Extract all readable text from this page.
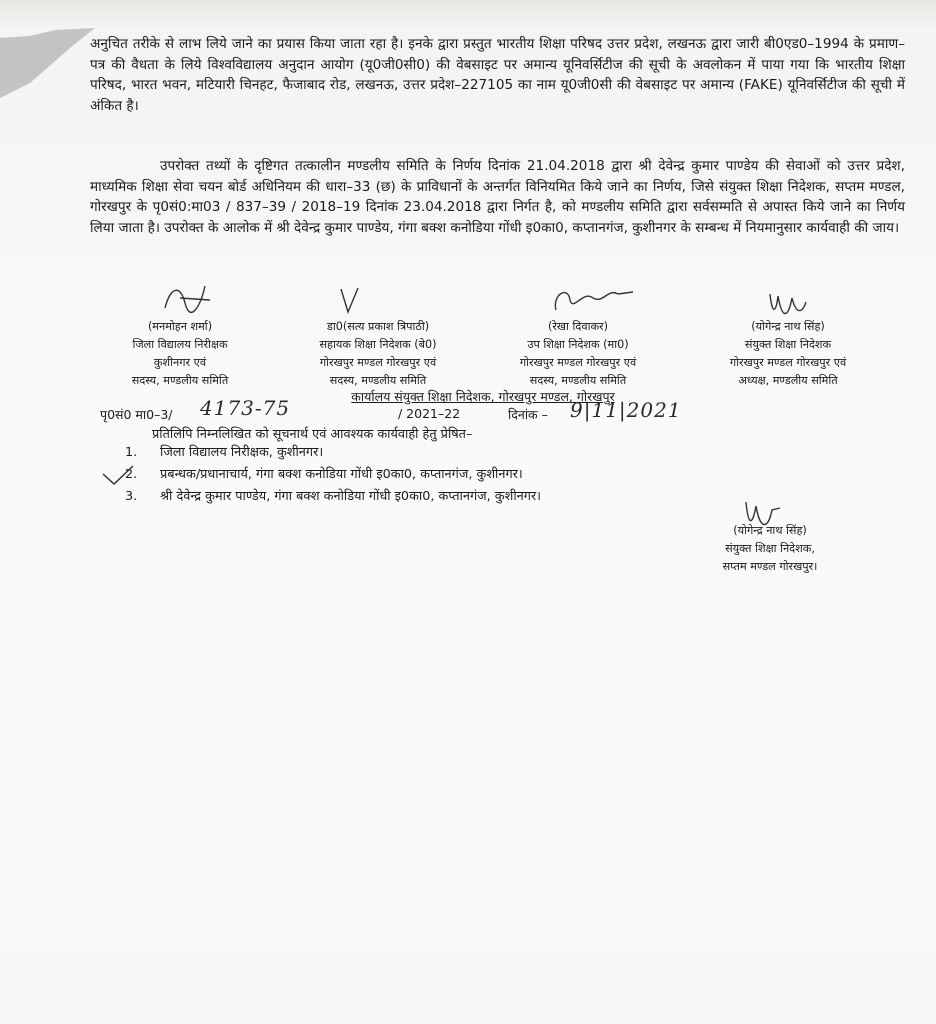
अनुचित तरीके से लाभ लिये जाने का प्रयास किया जाता रहा है। इनके द्वारा प्रस्तुत भारतीय शिक्षा परिषद उत्तर प्रदेश, लखनऊ द्वारा जारी बी0एड0–1994 के प्रमाण–पत्र की वैधता के लिये विश्वविद्यालय अनुदान आयोग (यू0जी0सी0) की वेबसाइट पर अमान्य यूनिवर्सिटीज की सूची के अवलोकन में पाया गया कि भारतीय शिक्षा परिषद, भारत भवन, मटियारी चिनहट, फैजाबाद रोड, लखनऊ, उत्तर प्रदेश–227105 का नाम यू0जी0सी की वेबसाइट पर अमान्य (FAKE) यूनिवर्सिटीज की सूची में अंकित है।

उपरोक्त तथ्यों के दृष्टिगत तत्कालीन मण्डलीय समिति के निर्णय दिनांक 21.04.2018 द्वारा श्री देवेन्द्र कुमार पाण्डेय की सेवाओं को उत्तर प्रदेश, माध्यमिक शिक्षा सेवा चयन बोर्ड अधिनियम की धारा–33 (छ) के प्राविधानों के अन्तर्गत विनियमित किये जाने का निर्णय, जिसे संयुक्त शिक्षा निदेशक, सप्तम मण्डल, गोरखपुर के पृ0सं0:मा03 / 837–39 / 2018–19 दिनांक 23.04.2018 द्वारा निर्गत है, को मण्डलीय समिति द्वारा सर्वसम्मति से अपास्त किये जाने का निर्णय लिया जाता है। उपरोक्त के आलोक में श्री देवेन्द्र कुमार पाण्डेय, गंगा बक्श कनोडिया गोंधी इ0का0, कप्तानगंज, कुशीनगर के सम्बन्ध में नियमानुसार कार्यवाही की जाय।

(मनमोहन शर्मा)
जिला विद्यालय निरीक्षक
कुशीनगर एवं
सदस्य, मण्डलीय समिति
डा0(सत्य प्रकाश त्रिपाठी)
सहायक शिक्षा निदेशक (बे0)
गोरखपुर मण्डल गोरखपुर एवं
सदस्य, मण्डलीय समिति
(रेखा दिवाकर)
उप शिक्षा निदेशक (मा0)
गोरखपुर मण्डल गोरखपुर एवं
सदस्य, मण्डलीय समिति
(योगेन्द्र नाथ सिंह)
संयुक्त शिक्षा निदेशक
गोरखपुर मण्डल गोरखपुर एवं
अध्यक्ष, मण्डलीय समिति
कार्यालय संयुक्त शिक्षा निदेशक, गोरखपुर मण्डल, गोरखपुर
पृ0सं0 मा0–3/ 4173-75	/ 2021–22	दिनांक – 9|11|2021
प्रतिलिपि निम्नलिखित को सूचनार्थ एवं आवश्यक कार्यवाही हेतु प्रेषित–
1. जिला विद्यालय निरीक्षक, कुशीनगर।
2. प्रबन्धक/प्रधानाचार्य, गंगा बक्श कनोडिया गोंधी इ0का0, कप्तानगंज, कुशीनगर।
3. श्री देवेन्द्र कुमार पाण्डेय, गंगा बक्श कनोडिया गोंधी इ0का0, कप्तानगंज, कुशीनगर।
(योगेन्द्र नाथ सिंह)
संयुक्त शिक्षा निदेशक,
सप्तम मण्डल गोरखपुर।
